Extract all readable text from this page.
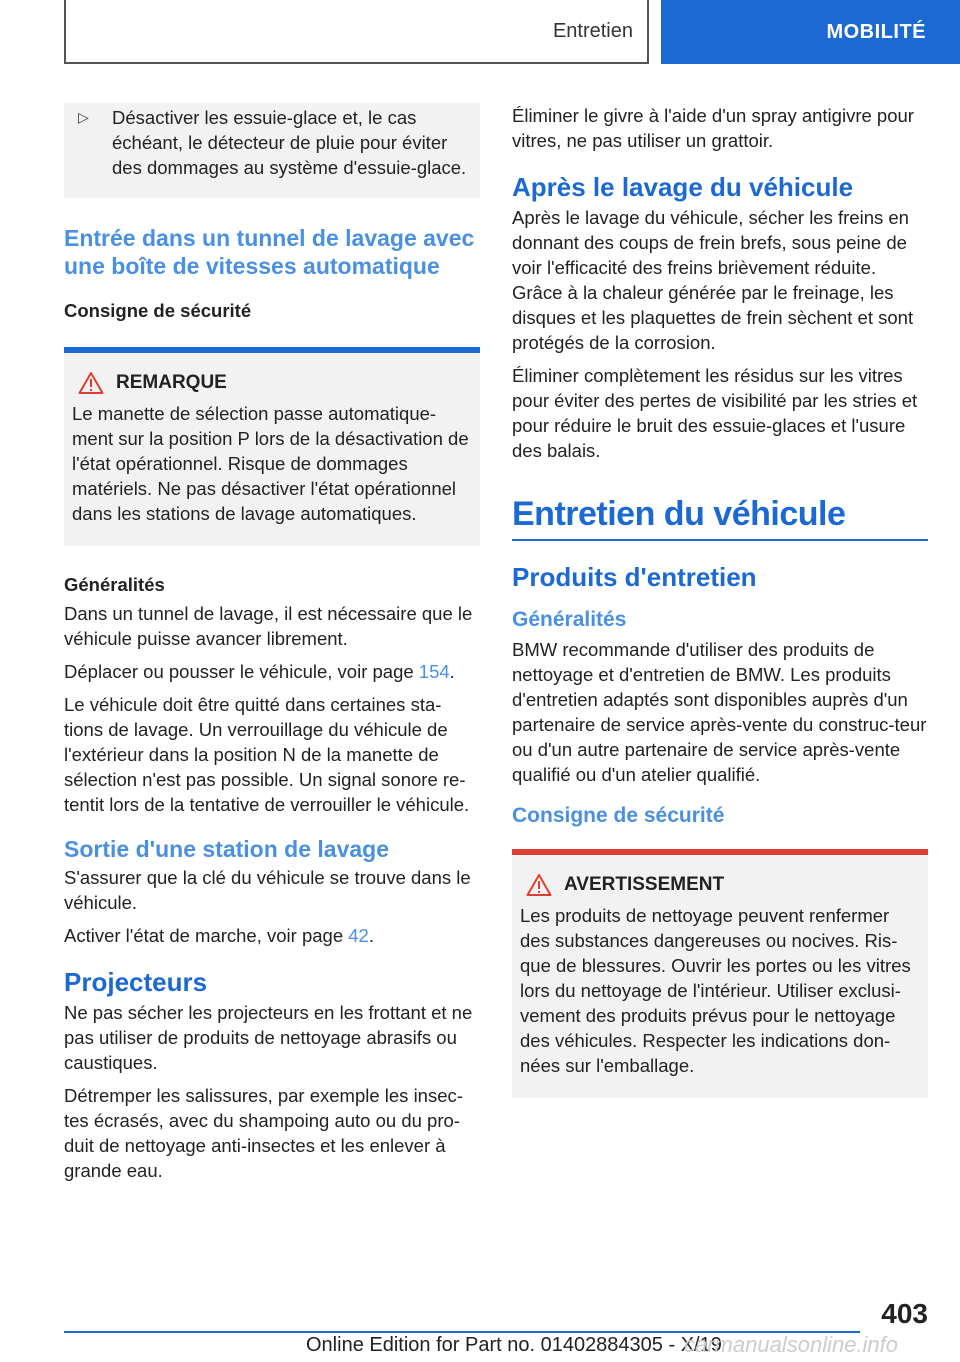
Entretien	MOBILITÉ
▷	Désactiver les essuie-glace et, le cas échéant, le détecteur de pluie pour éviter des dommages au système d'essuie-glace.
Entrée dans un tunnel de lavage avec une boîte de vitesses automatique
Consigne de sécurité
REMARQUE
Le manette de sélection passe automatique-ment sur la position P lors de la désactivation de l'état opérationnel. Risque de dommages matériels. Ne pas désactiver l'état opérationnel dans les stations de lavage automatiques.
Généralités

Dans un tunnel de lavage, il est nécessaire que le véhicule puisse avancer librement.

Déplacer ou pousser le véhicule, voir page 154.

Le véhicule doit être quitté dans certaines sta-tions de lavage. Un verrouillage du véhicule de l'extérieur dans la position N de la manette de sélection n'est pas possible. Un signal sonore re-tentit lors de la tentative de verrouiller le véhicule.

Sortie d'une station de lavage

S'assurer que la clé du véhicule se trouve dans le véhicule.

Activer l'état de marche, voir page 42.

Projecteurs

Ne pas sécher les projecteurs en les frottant et ne pas utiliser de produits de nettoyage abrasifs ou caustiques.

Détremper les salissures, par exemple les insec-tes écrasés, avec du shampoing auto ou du pro-duit de nettoyage anti-insectes et les enlever à grande eau.

Éliminer le givre à l'aide d'un spray antigivre pour vitres, ne pas utiliser un grattoir.

Après le lavage du véhicule

Après le lavage du véhicule, sécher les freins en donnant des coups de frein brefs, sous peine de voir l'efficacité des freins brièvement réduite. Grâce à la chaleur générée par le freinage, les disques et les plaquettes de frein sèchent et sont protégés de la corrosion.

Éliminer complètement les résidus sur les vitres pour éviter des pertes de visibilité par les stries et pour réduire le bruit des essuie-glaces et l'usure des balais.

Entretien du véhicule
Produits d'entretien
Généralités

BMW recommande d'utiliser des produits de nettoyage et d'entretien de BMW. Les produits d'entretien adaptés sont disponibles auprès d'un partenaire de service après-vente du construc-teur ou d'un autre partenaire de service après-vente qualifié ou d'un atelier qualifié.

Consigne de sécurité
AVERTISSEMENT
Les produits de nettoyage peuvent renfermer des substances dangereuses ou nocives. Ris-que de blessures. Ouvrir les portes ou les vitres lors du nettoyage de l'intérieur. Utiliser exclusi-vement des produits prévus pour le nettoyage des véhicules. Respecter les indications don-nées sur l'emballage.
403
Online Edition for Part no. 01402884305 - X/19
carmanualsonline.info
